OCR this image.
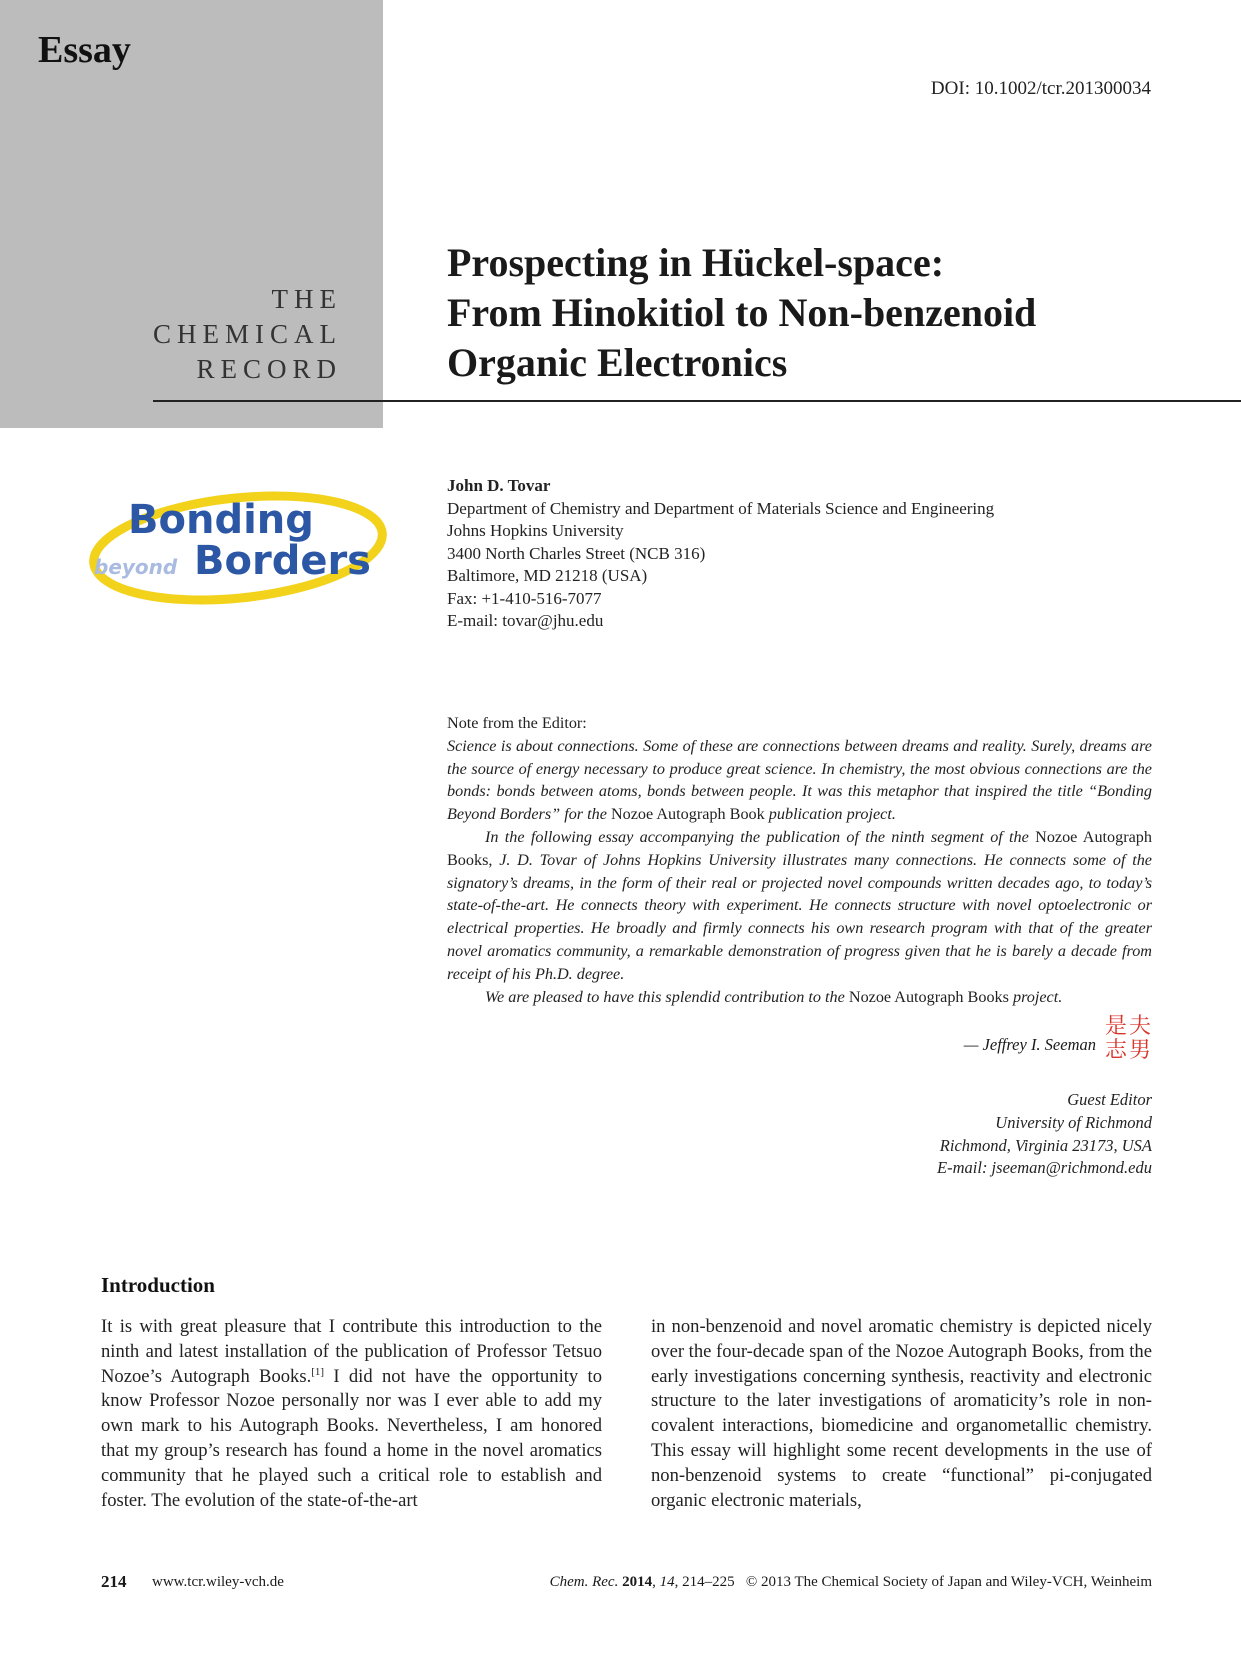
Essay
THE
CHEMICAL
RECORD
DOI: 10.1002/tcr.201300034
Prospecting in Hückel-space:
From Hinokitiol to Non-benzenoid
Organic Electronics
Bonding
beyond Borders
John D. Tovar
Department of Chemistry and Department of Materials Science and Engineering
Johns Hopkins University
3400 North Charles Street (NCB 316)
Baltimore, MD 21218 (USA)
Fax: +1-410-516-7077
E-mail: tovar@jhu.edu

Note from the Editor:

Science is about connections. Some of these are connections between dreams and reality. Surely, dreams are the source of energy necessary to produce great science. In chemistry, the most obvious connections are the bonds: bonds between atoms, bonds between people. It was this metaphor that inspired the title “Bonding Beyond Borders” for the Nozoe Autograph Book publication project.

In the following essay accompanying the publication of the ninth segment of the Nozoe Autograph Books, J. D. Tovar of Johns Hopkins University illustrates many connections. He connects some of the signatory’s dreams, in the form of their real or projected novel compounds written decades ago, to today’s state-of-the-art. He connects theory with experiment. He connects structure with novel optoelectronic or electrical properties. He broadly and firmly connects his own research program with that of the greater novel aromatics community, a remarkable demonstration of progress given that he is barely a decade from receipt of his Ph.D. degree.

We are pleased to have this splendid contribution to the Nozoe Autograph Books project.

— Jeffrey I. Seeman
夫
男
是
志
Guest Editor
University of Richmond
Richmond, Virginia 23173, USA
E-mail: jseeman@richmond.edu
Introduction

It is with great pleasure that I contribute this introduction to the ninth and latest installation of the publication of Professor Tetsuo Nozoe’s Autograph Books.[1] I did not have the opportunity to know Professor Nozoe personally nor was I ever able to add my own mark to his Autograph Books. Nevertheless, I am honored that my group’s research has found a home in the novel aromatics community that he played such a critical role to establish and foster. The evolution of the state-of-the-art

in non-benzenoid and novel aromatic chemistry is depicted nicely over the four-decade span of the Nozoe Autograph Books, from the early investigations concerning synthesis, reactivity and electronic structure to the later investigations of aromaticity’s role in non-covalent interactions, biomedicine and organometallic chemistry. This essay will highlight some recent developments in the use of non-benzenoid systems to create “functional” pi-conjugated organic electronic materials,

214 www.tcr.wiley-vch.de	Chem. Rec. 2014, 14, 214–225 © 2013 The Chemical Society of Japan and Wiley-VCH, Weinheim
